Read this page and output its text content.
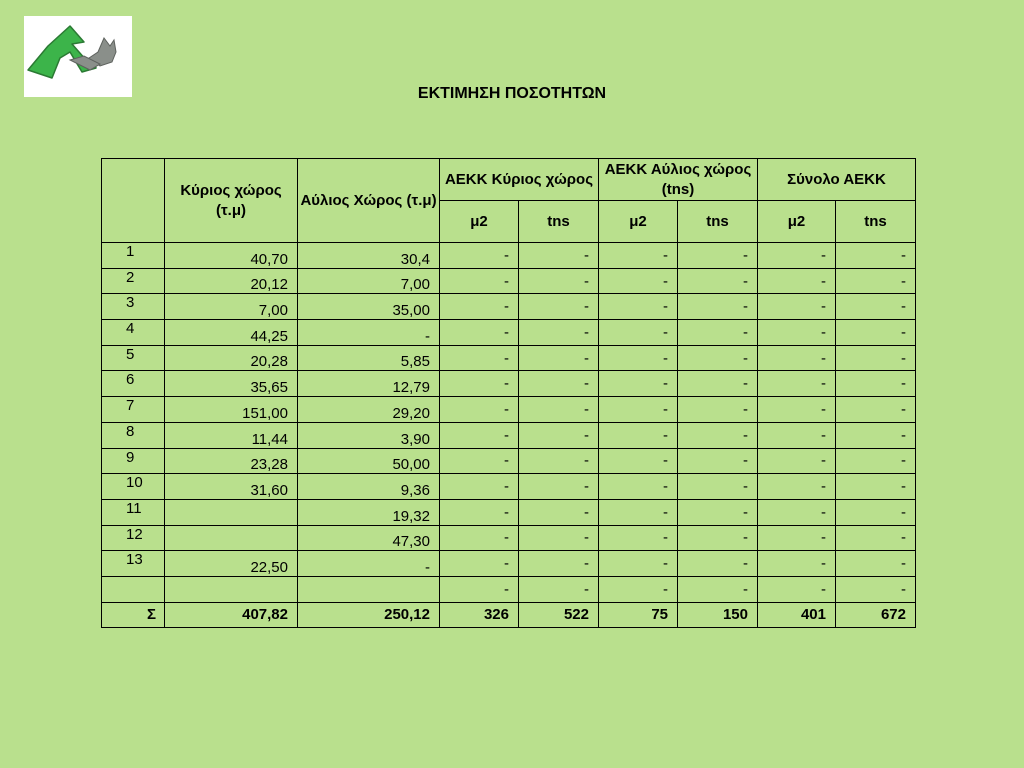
ΕΚΤΙΜΗΣΗ ΠΟΣΟΤΗΤΩΝ
	Κύριος χώρος (τ.μ)	Αύλιος Χώρος (τ.μ)	ΑΕΚΚ Κύριος χώρος		ΑΕΚΚ Αύλιος χώρος (tns)		Σύνολο ΑΕΚΚ	
			μ2	tns	μ2	tns	μ2	tns
1	40,70	30,4	-	-	-	-	-	-
2	20,12	7,00	-	-	-	-	-	-
3	7,00	35,00	-	-	-	-	-	-
4	44,25	-	-	-	-	-	-	-
5	20,28	5,85	-	-	-	-	-	-
6	35,65	12,79	-	-	-	-	-	-
7	151,00	29,20	-	-	-	-	-	-
8	11,44	3,90	-	-	-	-	-	-
9	23,28	50,00	-	-	-	-	-	-
10	31,60	9,36	-	-	-	-	-	-
11		19,32	-	-	-	-	-	-
12		47,30	-	-	-	-	-	-
13	22,50	-	-	-	-	-	-	-
			-	-	-	-	-	-
Σ	407,82	250,12	326	522	75	150	401	672
